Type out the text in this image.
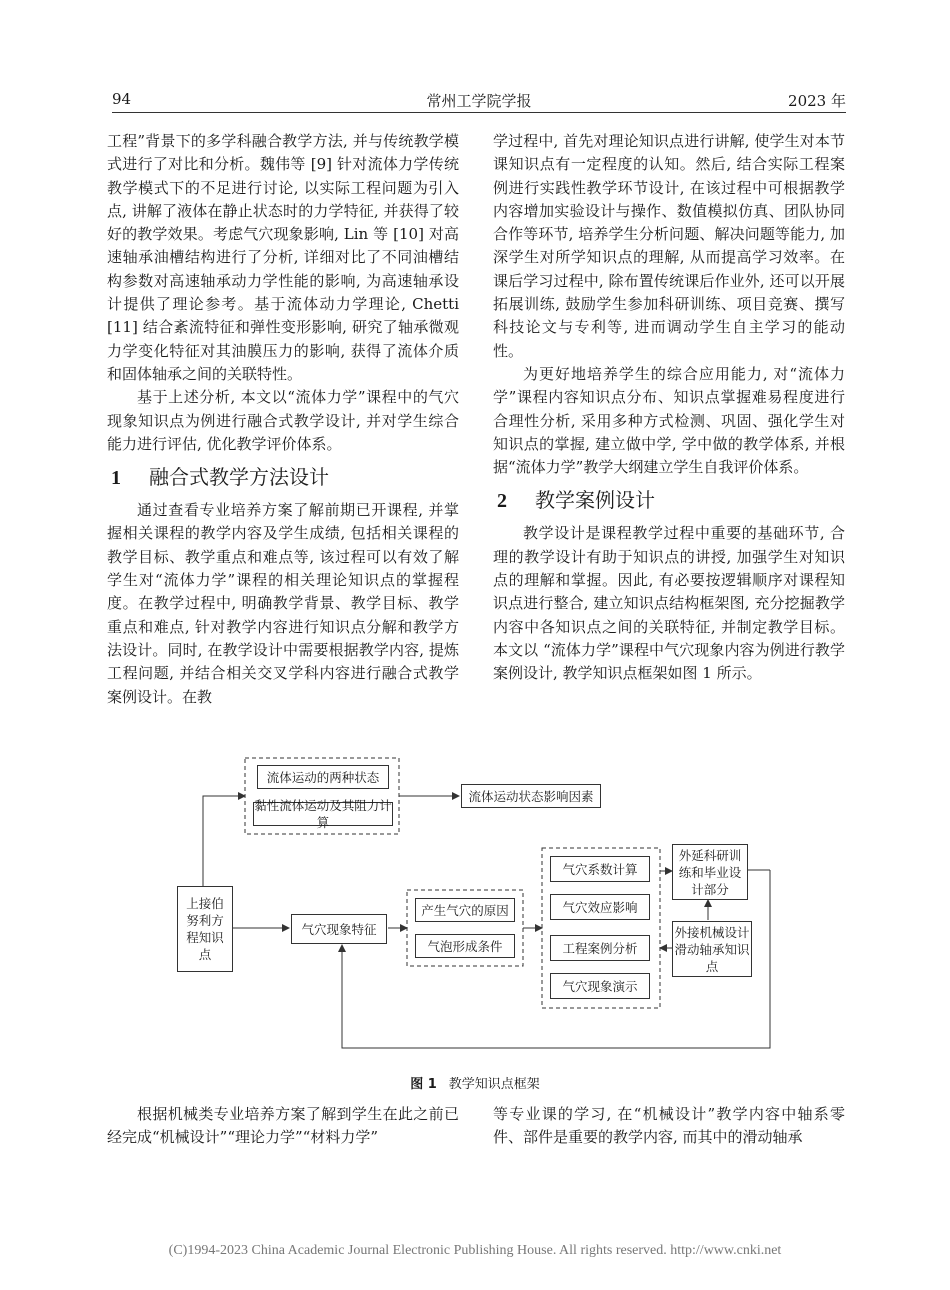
94	常州工学院学报	2023 年

工程”背景下的多学科融合教学方法, 并与传统教学模式进行了对比和分析。魏伟等 [9] 针对流体力学传统教学模式下的不足进行讨论, 以实际工程问题为引入点, 讲解了液体在静止状态时的力学特征, 并获得了较好的教学效果。考虑气穴现象影响, Lin 等 [10] 对高速轴承油槽结构进行了分析, 详细对比了不同油槽结构参数对高速轴承动力学性能的影响, 为高速轴承设计提供了理论参考。基于流体动力学理论, Chetti [11] 结合紊流特征和弹性变形影响, 研究了轴承微观力学变化特征对其油膜压力的影响, 获得了流体介质和固体轴承之间的关联特性。

基于上述分析, 本文以“流体力学”课程中的气穴现象知识点为例进行融合式教学设计, 并对学生综合能力进行评估, 优化教学评价体系。

1 融合式教学方法设计

通过查看专业培养方案了解前期已开课程, 并掌握相关课程的教学内容及学生成绩, 包括相关课程的教学目标、教学重点和难点等, 该过程可以有效了解学生对“流体力学”课程的相关理论知识点的掌握程度。在教学过程中, 明确教学背景、教学目标、教学重点和难点, 针对教学内容进行知识点分解和教学方法设计。同时, 在教学设计中需要根据教学内容, 提炼工程问题, 并结合相关交叉学科内容进行融合式教学案例设计。在教

学过程中, 首先对理论知识点进行讲解, 使学生对本节课知识点有一定程度的认知。然后, 结合实际工程案例进行实践性教学环节设计, 在该过程中可根据教学内容增加实验设计与操作、数值模拟仿真、团队协同合作等环节, 培养学生分析问题、解决问题等能力, 加深学生对所学知识点的理解, 从而提高学习效率。在课后学习过程中, 除布置传统课后作业外, 还可以开展拓展训练, 鼓励学生参加科研训练、项目竞赛、撰写科技论文与专利等, 进而调动学生自主学习的能动性。

为更好地培养学生的综合应用能力, 对“流体力学”课程内容知识点分布、知识点掌握难易程度进行合理性分析, 采用多种方式检测、巩固、强化学生对知识点的掌握, 建立做中学, 学中做的教学体系, 并根据“流体力学”教学大纲建立学生自我评价体系。

2 教学案例设计

教学设计是课程教学过程中重要的基础环节, 合理的教学设计有助于知识点的讲授, 加强学生对知识点的理解和掌握。因此, 有必要按逻辑顺序对课程知识点进行整合, 建立知识点结构框架图, 充分挖掘教学内容中各知识点之间的关联特征, 并制定教学目标。本文以 “流体力学”课程中气穴现象内容为例进行教学案例设计, 教学知识点框架如图 1 所示。

流体运动的两种状态
黏性流体运动及其阻力计算
流体运动状态影响因素
上接伯努利方程知识点
气穴现象特征
产生气穴的原因
气泡形成条件
气穴系数计算
气穴效应影响
工程案例分析
气穴现象演示
外延科研训练和毕业设计部分
外接机械设计滑动轴承知识点
图 1 教学知识点框架

根据机械类专业培养方案了解到学生在此之前已经完成“机械设计”“理论力学”“材料力学”

等专业课的学习, 在“机械设计”教学内容中轴系零件、部件是重要的教学内容, 而其中的滑动轴承

(C)1994-2023 China Academic Journal Electronic Publishing House. All rights reserved. http://www.cnki.net
